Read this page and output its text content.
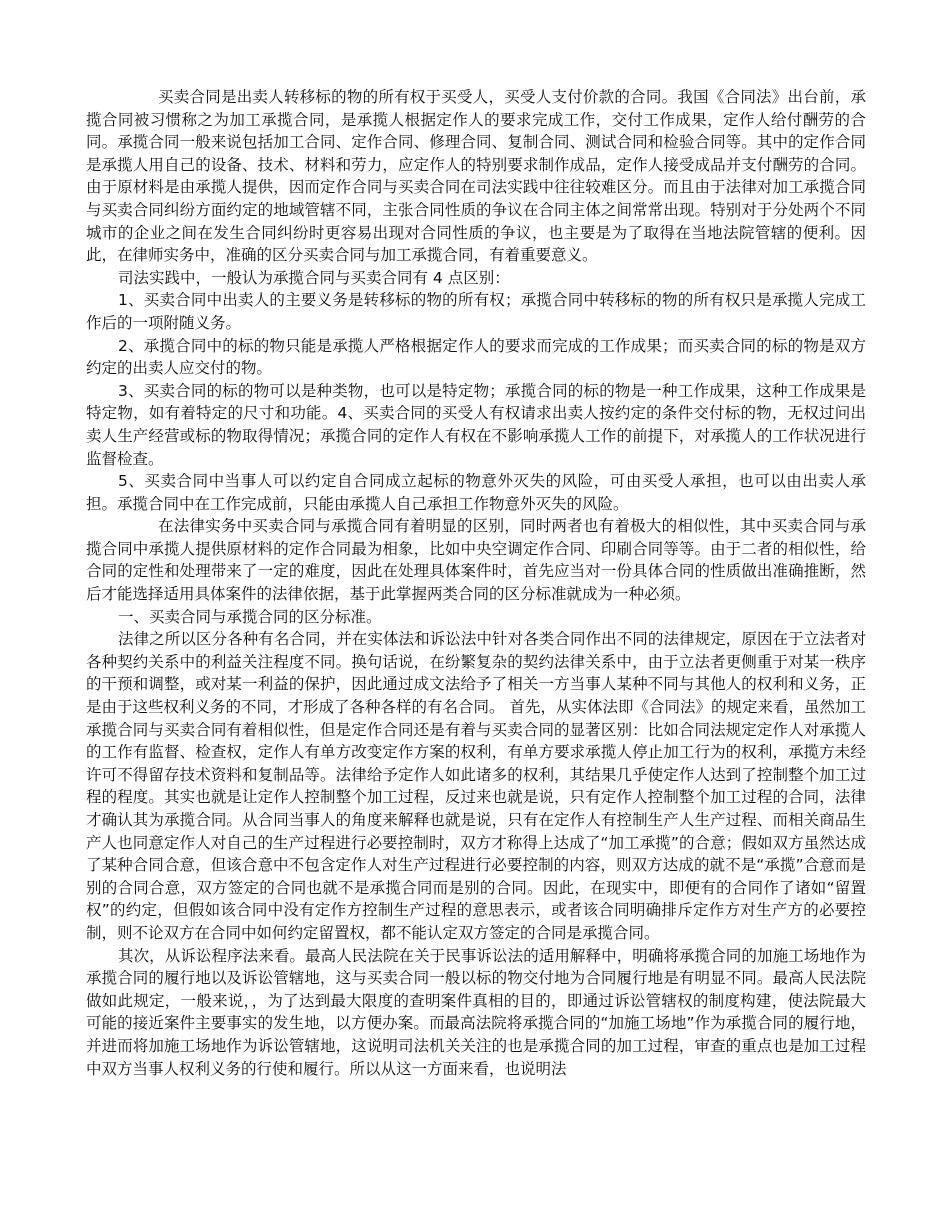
买卖合同是出卖人转移标的物的所有权于买受人，买受人支付价款的合同。我国《合同法》出台前，承揽合同被习惯称之为加工承揽合同，是承揽人根据定作人的要求完成工作，交付工作成果，定作人给付酬劳的合同。承揽合同一般来说包括加工合同、定作合同、修理合同、复制合同、测试合同和检验合同等。其中的定作合同是承揽人用自己的设备、技术、材料和劳力，应定作人的特别要求制作成品，定作人接受成品并支付酬劳的合同。由于原材料是由承揽人提供，因而定作合同与买卖合同在司法实践中往往较难区分。而且由于法律对加工承揽合同与买卖合同纠纷方面约定的地域管辖不同，主张合同性质的争议在合同主体之间常常出现。特别对于分处两个不同城市的企业之间在发生合同纠纷时更容易出现对合同性质的争议，也主要是为了取得在当地法院管辖的便利。因此，在律师实务中，准确的区分买卖合同与加工承揽合同，有着重要意义。

司法实践中，一般认为承揽合同与买卖合同有 4 点区别：

1、买卖合同中出卖人的主要义务是转移标的物的所有权；承揽合同中转移标的物的所有权只是承揽人完成工作后的一项附随义务。

2、承揽合同中的标的物只能是承揽人严格根据定作人的要求而完成的工作成果；而买卖合同的标的物是双方约定的出卖人应交付的物。

3、买卖合同的标的物可以是种类物，也可以是特定物；承揽合同的标的物是一种工作成果，这种工作成果是特定物，如有着特定的尺寸和功能。4、买卖合同的买受人有权请求出卖人按约定的条件交付标的物，无权过问出卖人生产经营或标的物取得情况；承揽合同的定作人有权在不影响承揽人工作的前提下，对承揽人的工作状况进行监督检查。

5、买卖合同中当事人可以约定自合同成立起标的物意外灭失的风险，可由买受人承担，也可以由出卖人承担。承揽合同中在工作完成前，只能由承揽人自己承担工作物意外灭失的风险。

在法律实务中买卖合同与承揽合同有着明显的区别，同时两者也有着极大的相似性，其中买卖合同与承揽合同中承揽人提供原材料的定作合同最为相象，比如中央空调定作合同、印刷合同等等。由于二者的相似性，给合同的定性和处理带来了一定的难度，因此在处理具体案件时，首先应当对一份具体合同的性质做出准确推断，然后才能选择适用具体案件的法律依据，基于此掌握两类合同的区分标准就成为一种必须。

一、买卖合同与承揽合同的区分标准。

法律之所以区分各种有名合同，并在实体法和诉讼法中针对各类合同作出不同的法律规定，原因在于立法者对各种契约关系中的利益关注程度不同。换句话说，在纷繁复杂的契约法律关系中，由于立法者更侧重于对某一秩序的干预和调整，或对某一利益的保护，因此通过成文法给予了相关一方当事人某种不同与其他人的权利和义务，正是由于这些权利义务的不同，才形成了各种各样的有名合同。 首先，从实体法即《合同法》的规定来看，虽然加工承揽合同与买卖合同有着相似性，但是定作合同还是有着与买卖合同的显著区别：比如合同法规定定作人对承揽人的工作有监督、检查权，定作人有单方改变定作方案的权利，有单方要求承揽人停止加工行为的权利，承揽方未经许可不得留存技术资料和复制品等。法律给予定作人如此诸多的权利，其结果几乎使定作人达到了控制整个加工过程的程度。其实也就是让定作人控制整个加工过程，反过来也就是说，只有定作人控制整个加工过程的合同，法律才确认其为承揽合同。从合同当事人的角度来解释也就是说，只有在定作人有控制生产人生产过程、而相关商品生产人也同意定作人对自己的生产过程进行必要控制时，双方才称得上达成了“加工承揽”的合意；假如双方虽然达成了某种合同合意，但该合意中不包含定作人对生产过程进行必要控制的内容，则双方达成的就不是“承揽”合意而是别的合同合意，双方签定的合同也就不是承揽合同而是别的合同。因此，在现实中，即便有的合同作了诸如“留置权”的约定，但假如该合同中没有定作方控制生产过程的意思表示，或者该合同明确排斥定作方对生产方的必要控制，则不论双方在合同中如何约定留置权，都不能认定双方签定的合同是承揽合同。

其次，从诉讼程序法来看。最高人民法院在关于民事诉讼法的适用解释中，明确将承揽合同的加施工场地作为承揽合同的履行地以及诉讼管辖地，这与买卖合同一般以标的物交付地为合同履行地是有明显不同。最高人民法院做如此规定，一般来说，，为了达到最大限度的查明案件真相的目的，即通过诉讼管辖权的制度构建，使法院最大可能的接近案件主要事实的发生地，以方便办案。而最高法院将承揽合同的“加施工场地”作为承揽合同的履行地，并进而将加施工场地作为诉讼管辖地，这说明司法机关关注的也是承揽合同的加工过程，审查的重点也是加工过程中双方当事人权利义务的行使和履行。所以从这一方面来看，也说明法
